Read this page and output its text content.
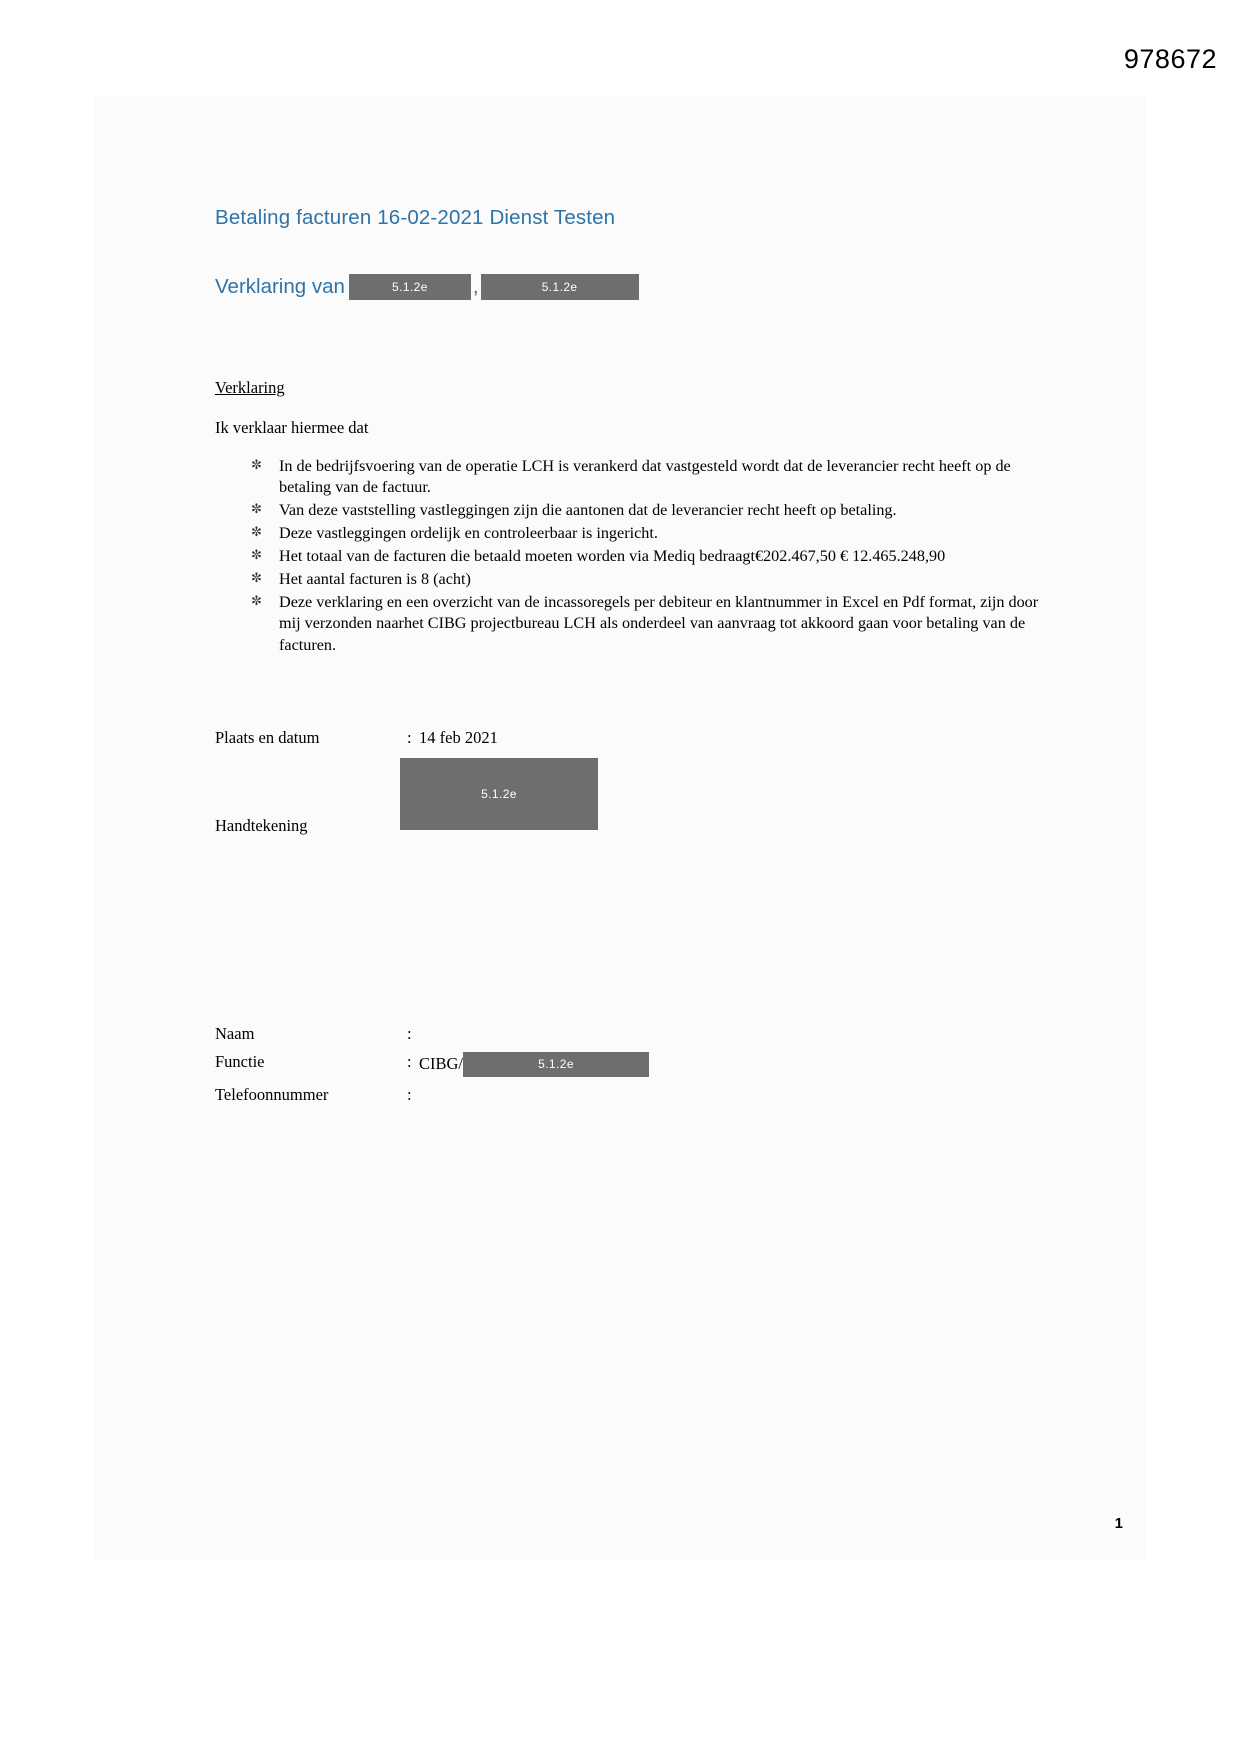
978672
Betaling facturen 16-02-2021 Dienst Testen
Verklaring van	5.1.2e	,	5.1.2e
Verklaring
Ik verklaar hiermee dat
✼ In de bedrijfsvoering van de operatie LCH is verankerd dat vastgesteld wordt dat de leverancier recht heeft op de betaling van de factuur.
✼ Van deze vaststelling vastleggingen zijn die aantonen dat de leverancier recht heeft op betaling.
✼ Deze vastleggingen ordelijk en controleerbaar is ingericht.
✼ Het totaal van de facturen die betaald moeten worden via Mediq bedraagt€202.467,50 € 12.465.248,90
✼ Het aantal facturen is 8 (acht)
✼ Deze verklaring en een overzicht van de incassoregels per debiteur en klantnummer in Excel en Pdf format, zijn door mij verzonden naarhet CIBG projectbureau LCH als onderdeel van aanvraag tot akkoord gaan voor betaling van de facturen.
Plaats en datum	: 14 feb 2021
Handtekening
5.1.2e
Naam	:
Functie	: CIBG/	5.1.2e
Telefoonnummer	:
1
